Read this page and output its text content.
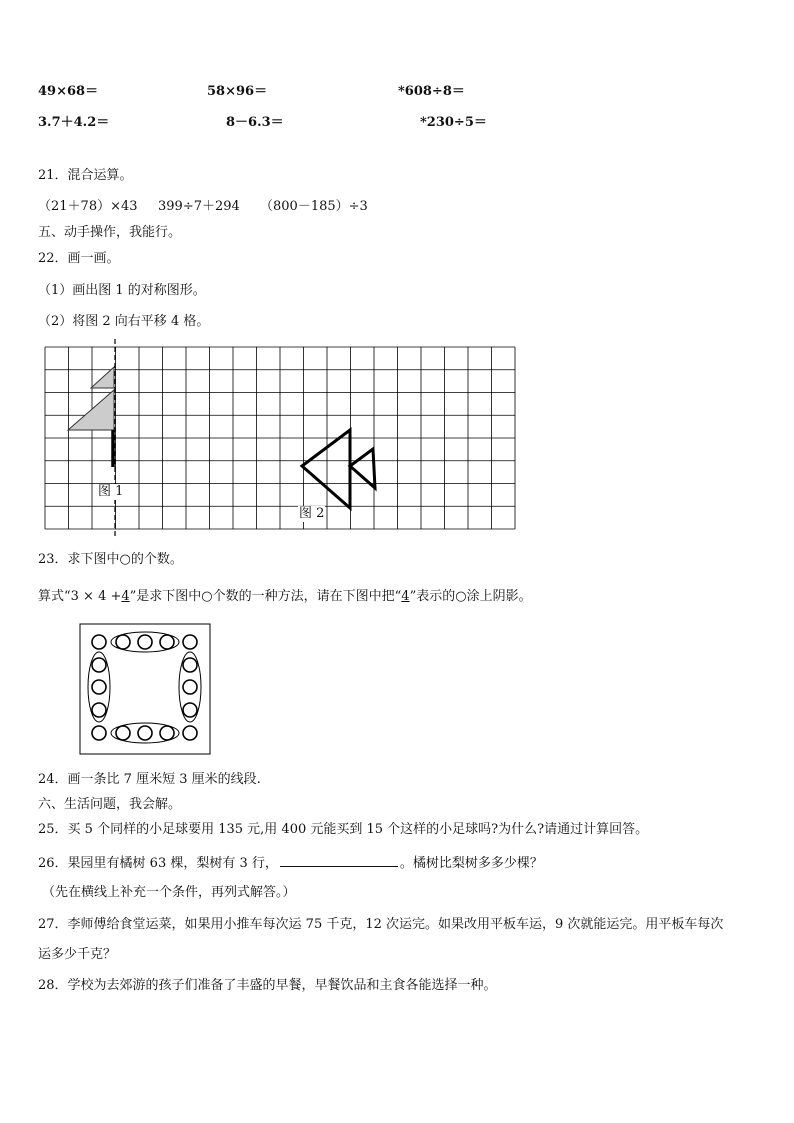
49×68＝	58×96＝	*608÷8＝
3.7＋4.2＝	8－6.3＝	*230÷5＝
21．混合运算。
（21＋78）×43 399÷7＋294 （800－185）÷3
五、动手操作，我能行。
22．画一画。
（1）画出图 1 的对称图形。
（2）将图 2 向右平移 4 格。
图 1
图 2
23．求下图中○的个数。
算式“3 × 4 +4”是求下图中○个数的一种方法，请在下图中把“4”表示的○涂上阴影。
24．画一条比 7 厘米短 3 厘米的线段.
六、生活问题，我会解。
25．买 5 个同样的小足球要用 135 元,用 400 元能买到 15 个这样的小足球吗?为什么?请通过计算回答。
26．果园里有橘树 63 棵，梨树有 3 行，	。橘树比梨树多多少棵？
（先在横线上补充一个条件，再列式解答。）
27．李师傅给食堂运菜，如果用小推车每次运 75 千克，12 次运完。如果改用平板车运，9 次就能运完。用平板车每次
运多少千克？
28．学校为去郊游的孩子们准备了丰盛的早餐，早餐饮品和主食各能选择一种。
